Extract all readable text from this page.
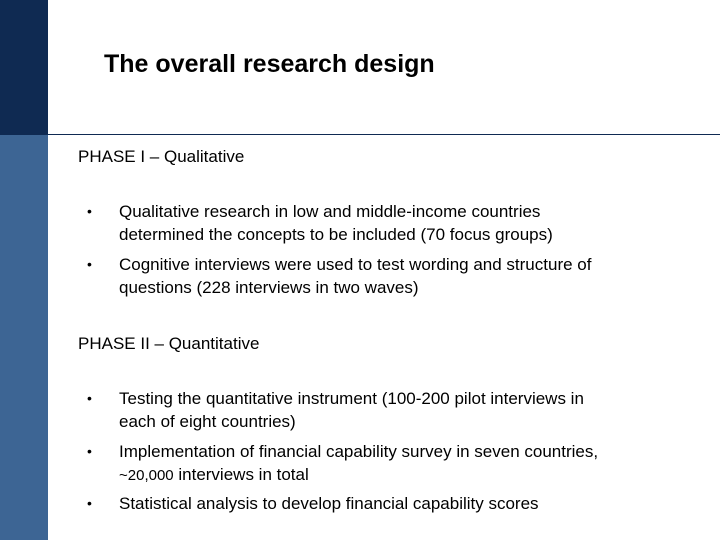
The overall research design
PHASE I – Qualitative
• Qualitative research in low and middle-income countries
determined the concepts to be included (70 focus groups)
• Cognitive interviews were used to test wording and structure of
questions (228 interviews in two waves)
PHASE II – Quantitative
• Testing the quantitative instrument (100-200 pilot interviews in
each of eight countries)
• Implementation of financial capability survey in seven countries,
~20,000 interviews in total
• Statistical analysis to develop financial capability scores
